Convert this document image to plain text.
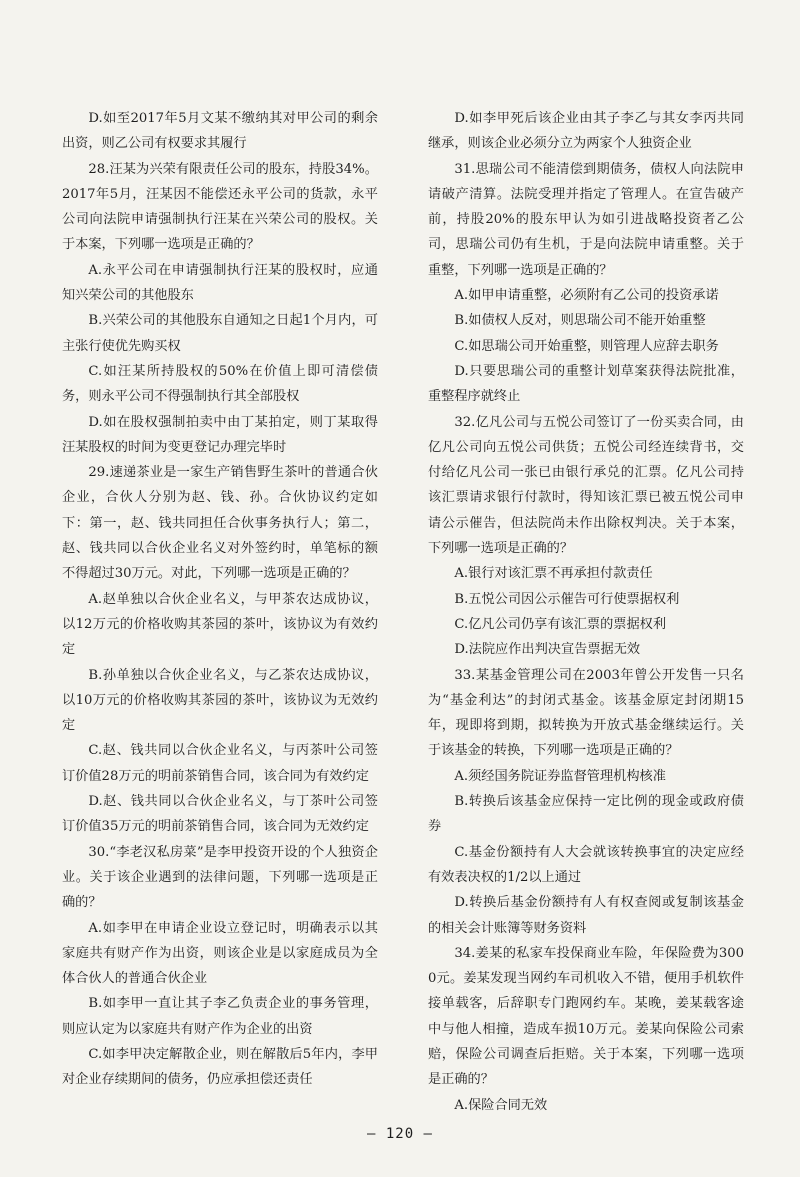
D.如至2017年5月文某不缴纳其对甲公司的剩余出资，则乙公司有权要求其履行

28.汪某为兴荣有限责任公司的股东，持股34%。2017年5月，汪某因不能偿还永平公司的货款，永平公司向法院申请强制执行汪某在兴荣公司的股权。关于本案，下列哪一选项是正确的？

A.永平公司在申请强制执行汪某的股权时，应通知兴荣公司的其他股东

B.兴荣公司的其他股东自通知之日起1个月内，可主张行使优先购买权

C.如汪某所持股权的50%在价值上即可清偿债务，则永平公司不得强制执行其全部股权

D.如在股权强制拍卖中由丁某拍定，则丁某取得汪某股权的时间为变更登记办理完毕时

29.速递茶业是一家生产销售野生茶叶的普通合伙企业，合伙人分别为赵、钱、孙。合伙协议约定如下：第一，赵、钱共同担任合伙事务执行人；第二，赵、钱共同以合伙企业名义对外签约时，单笔标的额不得超过30万元。对此，下列哪一选项是正确的？

A.赵单独以合伙企业名义，与甲茶农达成协议，以12万元的价格收购其茶园的茶叶，该协议为有效约定

B.孙单独以合伙企业名义，与乙茶农达成协议，以10万元的价格收购其茶园的茶叶，该协议为无效约定

C.赵、钱共同以合伙企业名义，与丙茶叶公司签订价值28万元的明前茶销售合同，该合同为有效约定

D.赵、钱共同以合伙企业名义，与丁茶叶公司签订价值35万元的明前茶销售合同，该合同为无效约定

30.“李老汉私房菜”是李甲投资开设的个人独资企业。关于该企业遇到的法律问题，下列哪一选项是正确的？

A.如李甲在申请企业设立登记时，明确表示以其家庭共有财产作为出资，则该企业是以家庭成员为全体合伙人的普通合伙企业

B.如李甲一直让其子李乙负责企业的事务管理，则应认定为以家庭共有财产作为企业的出资

C.如李甲决定解散企业，则在解散后5年内，李甲对企业存续期间的债务，仍应承担偿还责任

D.如李甲死后该企业由其子李乙与其女李丙共同继承，则该企业必须分立为两家个人独资企业

31.思瑞公司不能清偿到期债务，债权人向法院申请破产清算。法院受理并指定了管理人。在宣告破产前，持股20%的股东甲认为如引进战略投资者乙公司，思瑞公司仍有生机，于是向法院申请重整。关于重整，下列哪一选项是正确的？

A.如甲申请重整，必须附有乙公司的投资承诺

B.如债权人反对，则思瑞公司不能开始重整

C.如思瑞公司开始重整，则管理人应辞去职务

D.只要思瑞公司的重整计划草案获得法院批准，重整程序就终止

32.亿凡公司与五悦公司签订了一份买卖合同，由亿凡公司向五悦公司供货；五悦公司经连续背书，交付给亿凡公司一张已由银行承兑的汇票。亿凡公司持该汇票请求银行付款时，得知该汇票已被五悦公司申请公示催告，但法院尚未作出除权判决。关于本案，下列哪一选项是正确的？

A.银行对该汇票不再承担付款责任

B.五悦公司因公示催告可行使票据权利

C.亿凡公司仍享有该汇票的票据权利

D.法院应作出判决宣告票据无效

33.某基金管理公司在2003年曾公开发售一只名为“基金利达”的封闭式基金。该基金原定封闭期15年，现即将到期，拟转换为开放式基金继续运行。关于该基金的转换，下列哪一选项是正确的？

A.须经国务院证券监督管理机构核准

B.转换后该基金应保持一定比例的现金或政府债券

C.基金份额持有人大会就该转换事宜的决定应经有效表决权的1/2以上通过

D.转换后基金份额持有人有权查阅或复制该基金的相关会计账簿等财务资料

34.姜某的私家车投保商业车险，年保险费为3000元。姜某发现当网约车司机收入不错，便用手机软件接单载客，后辞职专门跑网约车。某晚，姜某载客途中与他人相撞，造成车损10万元。姜某向保险公司索赔，保险公司调查后拒赔。关于本案，下列哪一选项是正确的？

A.保险合同无效

— 120 —
